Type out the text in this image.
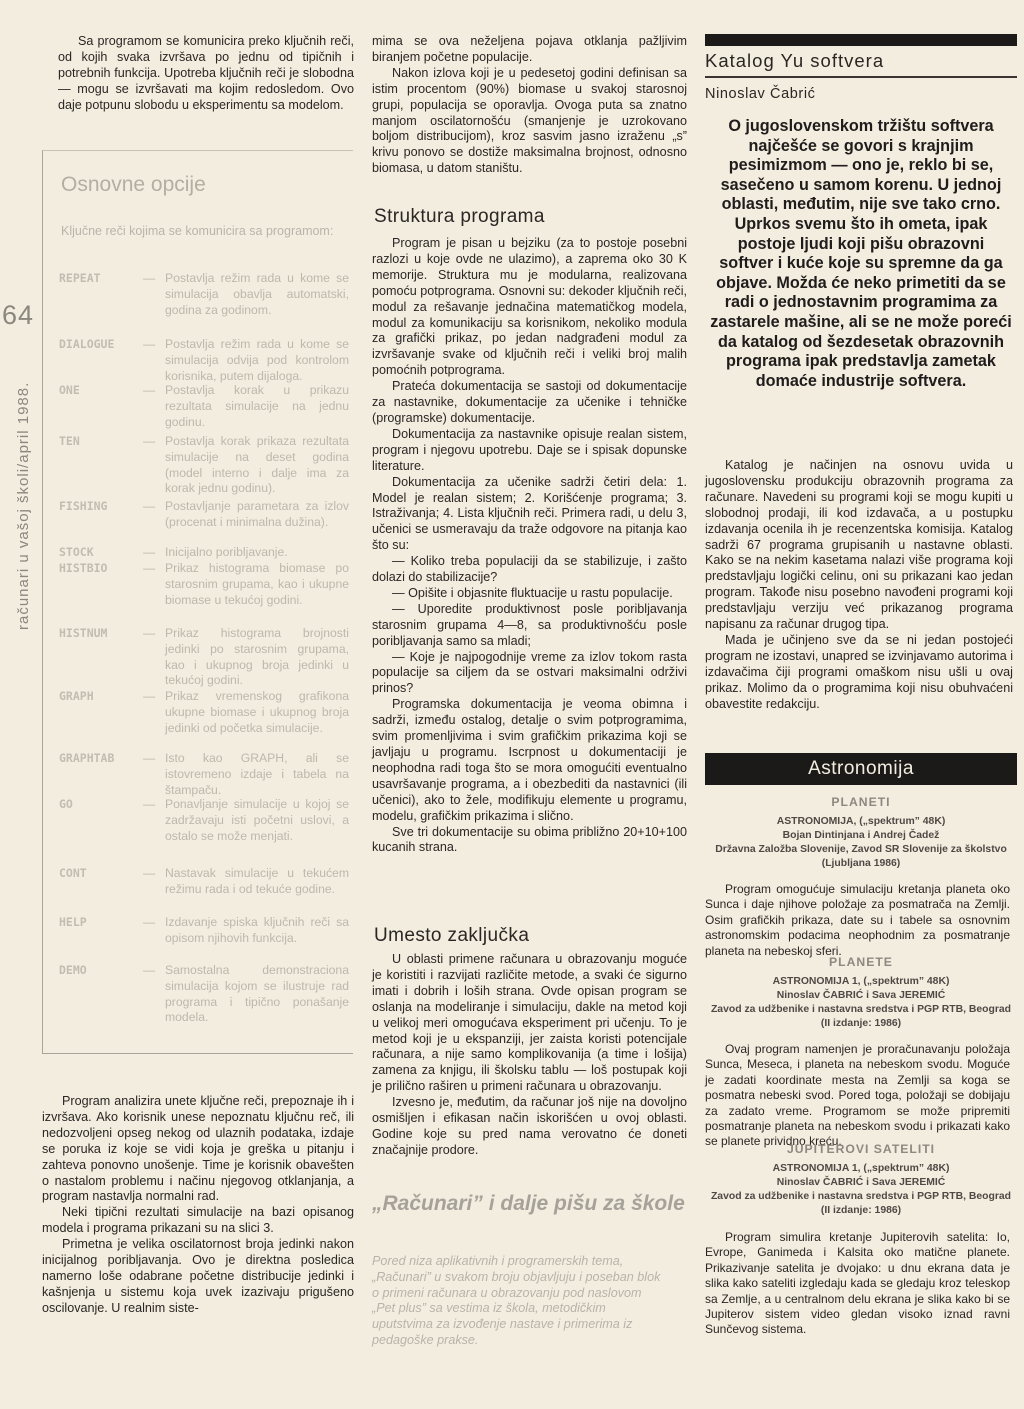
64
računari u vašoj školi/april 1988.

Sa programom se komunicira preko ključnih reči, od kojih svaka izvršava po jednu od tipičnih i potrebnih funkcija. Upotreba ključnih reči je slobodna — mogu se izvršavati ma kojim redosledom. Ovo daje potpunu slobodu u eksperimentu sa modelom.

Osnovne opcije
Ključne reči kojima se komunicira sa programom:
REPEAT	— Postavlja režim rada u kome se simulacija obavlja automatski, godina za godinom.
DIALOGUE	— Postavlja režim rada u kome se simulacija odvija pod kontrolom korisnika, putem dijaloga.
ONE	— Postavlja korak u prikazu rezultata simulacije na jednu godinu.
TEN	— Postavlja korak prikaza rezultata simulacije na deset godina (model interno i dalje ima za korak jednu godinu).
FISHING	— Postavljanje parametara za izlov (procenat i minimalna dužina).
STOCK	— Inicijalno poribljavanje.
HISTBIO	— Prikaz histograma biomase po starosnim grupama, kao i ukupne biomase u tekućoj godini.
HISTNUM	— Prikaz histograma brojnosti jedinki po starosnim grupama, kao i ukupnog broja jedinki u tekućoj godini.
GRAPH	— Prikaz vremenskog grafikona ukupne biomase i ukupnog broja jedinki od početka simulacije.
GRAPHTAB	— Isto kao GRAPH, ali se istovremeno izdaje i tabela na štampaču.
GO	— Ponavljanje simulacije u kojoj se zadržavaju isti početni uslovi, a ostalo se može menjati.
CONT	— Nastavak simulacije u tekućem režimu rada i od tekuće godine.
HELP	— Izdavanje spiska ključnih reči sa opisom njihovih funkcija.
DEMO	— Samostalna demonstraciona simulacija kojom se ilustruje rad programa i tipično ponašanje modela.

Program analizira unete ključne reči, prepoznaje ih i izvršava. Ako korisnik unese nepoznatu ključnu reč, ili nedozvoljeni opseg nekog od ulaznih podataka, izdaje se poruka iz koje se vidi koja je greška u pitanju i zahteva ponovno unošenje. Time je korisnik obavešten o nastalom problemu i načinu njegovog otklanjanja, a program nastavlja normalni rad.

Neki tipični rezultati simulacije na bazi opisanog modela i programa prikazani su na slici 3.

Primetna je velika oscilatornost broja jedinki nakon inicijalnog poribljavanja. Ovo je direktna posledica namerno loše odabrane početne distribucije jedinki i kašnjenja u sistemu koja uvek izazivaju prigušeno oscilovanje. U realnim siste-

mima se ova neželjena pojava otklanja pažljivim biranjem početne populacije.

Nakon izlova koji je u pedesetoj godini definisan sa istim procentom (90%) biomase u svakoj starosnoj grupi, populacija se oporavlja. Ovoga puta sa znatno manjom oscilatornošću (smanjenje je uzrokovano boljom distribucijom), kroz sasvim jasno izraženu „s” krivu ponovo se dostiže maksimalna brojnost, odnosno biomasa, u datom staništu.

Struktura programa

Program je pisan u bejziku (za to postoje posebni razlozi u koje ovde ne ulazimo), a zaprema oko 30 K memorije. Struktura mu je modularna, realizovana pomoću potprograma. Osnovni su: dekoder ključnih reči, modul za rešavanje jednačina matematičkog modela, modul za komunikaciju sa korisnikom, nekoliko modula za grafički prikaz, po jedan nadgrađeni modul za izvršavanje svake od ključnih reči i veliki broj malih pomoćnih potprograma.

Prateća dokumentacija se sastoji od dokumentacije za nastavnike, dokumentacije za učenike i tehničke (programske) dokumentacije.

Dokumentacija za nastavnike opisuje realan sistem, program i njegovu upotrebu. Daje se i spisak dopunske literature.

Dokumentacija za učenike sadrži četiri dela: 1. Model je realan sistem; 2. Korišćenje programa; 3. Istraživanja; 4. Lista ključnih reči. Primera radi, u delu 3, učenici se usmeravaju da traže odgovore na pitanja kao što su:

— Koliko treba populaciji da se stabilizuje, i zašto dolazi do stabilizacije?

— Opišite i objasnite fluktuacije u rastu populacije.

— Uporedite produktivnost posle poribljavanja starosnim grupama 4—8, sa produktivnošću posle poribljavanja samo sa mladi;

— Koje je najpogodnije vreme za izlov tokom rasta populacije sa ciljem da se ostvari maksimalni održivi prinos?

Programska dokumentacija je veoma obimna i sadrži, između ostalog, detalje o svim potprogramima, svim promenljivima i svim grafičkim prikazima koji se javljaju u programu. Iscrpnost u dokumentaciji je neophodna radi toga što se mora omogućiti eventualno usavršavanje programa, a i obezbediti da nastavnici (ili učenici), ako to žele, modifikuju elemente u programu, modelu, grafičkim prikazima i slično.

Sve tri dokumentacije su obima približno 20+10+100 kucanih strana.

Umesto zaključka

U oblasti primene računara u obrazovanju moguće je koristiti i razvijati različite metode, a svaki će sigurno imati i dobrih i loših strana. Ovde opisan program se oslanja na modeliranje i simulaciju, dakle na metod koji u velikoj meri omogućava eksperiment pri učenju. To je metod koji je u ekspanziji, jer zaista koristi potencijale računara, a nije samo komplikovanija (a time i lošija) zamena za knjigu, ili školsku tablu — loš postupak koji je prilično raširen u primeni računara u obrazovanju.

Izvesno je, međutim, da računar još nije na dovoljno osmišljen i efikasan način iskorišćen u ovoj oblasti. Godine koje su pred nama verovatno će doneti značajnije prodore.

„Računari” i dalje pišu za škole
Pored niza aplikativnih i programerskih tema, „Računari” u svakom broju objavljuju i poseban blok o primeni računara u obrazovanju pod naslovom „Pet plus” sa vestima iz škola, metodičkim uputstvima za izvođenje nastave i primerima iz pedagoške prakse.
Katalog Yu softvera
Ninoslav Čabrić
O jugoslovenskom tržištu softvera najčešće se govori s krajnjim pesimizmom — ono je, reklo bi se, sasečeno u samom korenu. U jednoj oblasti, međutim, nije sve tako crno. Uprkos svemu što ih ometa, ipak postoje ljudi koji pišu obrazovni softver i kuće koje su spremne da ga objave. Možda će neko primetiti da se radi o jednostavnim programima za zastarele mašine, ali se ne može poreći da katalog od šezdesetak obrazovnih programa ipak predstavlja zametak domaće industrije softvera.

Katalog je načinjen na osnovu uvida u jugoslovensku produkciju obrazovnih programa za računare. Navedeni su programi koji se mogu kupiti u slobodnoj prodaji, ili kod izdavača, a u postupku izdavanja ocenila ih je recenzentska komisija. Katalog sadrži 67 programa grupisanih u nastavne oblasti. Kako se na nekim kasetama nalazi više programa koji predstavljaju logički celinu, oni su prikazani kao jedan program. Takođe nisu posebno navođeni programi koji predstavljaju verziju već prikazanog programa napisanu za računar drugog tipa.

Mada je učinjeno sve da se ni jedan postojeći program ne izostavi, unapred se izvinjavamo autorima i izdavačima čiji programi omaškom nisu ušli u ovaj prikaz. Molimo da o programima koji nisu obuhvaćeni obavestite redakciju.

Astronomija
PLANETI
ASTRONOMIJA, („spektrum” 48K)
Bojan Dintinjana i Andrej Čadež
Državna Založba Slovenije, Zavod SR Slovenije za školstvo (Ljubljana 1986)

Program omogućuje simulaciju kretanja planeta oko Sunca i daje njihove položaje za posmatrača na Zemlji. Osim grafičkih prikaza, date su i tabele sa osnovnim astronomskim podacima neophodnim za posmatranje planeta na nebeskoj sferi.

PLANETE
ASTRONOMIJA 1, („spektrum” 48K)
Ninoslav ČABRIĆ i Sava JEREMIĆ
Zavod za udžbenike i nastavna sredstva i PGP RTB, Beograd (II izdanje: 1986)

Ovaj program namenjen je proračunavanju položaja Sunca, Meseca, i planeta na nebeskom svodu. Moguće je zadati koordinate mesta na Zemlji sa koga se posmatra nebeski svod. Pored toga, položaji se dobijaju za zadato vreme. Programom se može pripremiti posmatranje planeta na nebeskom svodu i prikazati kako se planete prividno kreću.

JUPITEROVI SATELITI
ASTRONOMIJA 1, („spektrum” 48K)
Ninoslav ČABRIĆ i Sava JEREMIĆ
Zavod za udžbenike i nastavna sredstva i PGP RTB, Beograd (II izdanje: 1986)

Program simulira kretanje Jupiterovih satelita: Io, Evrope, Ganimeda i Kalsita oko matične planete. Prikazivanje satelita je dvojako: u dnu ekrana data je slika kako sateliti izgledaju kada se gledaju kroz teleskop sa Zemlje, a u centralnom delu ekrana je slika kako bi se Jupiterov sistem video gledan visoko iznad ravni Sunčevog sistema.
